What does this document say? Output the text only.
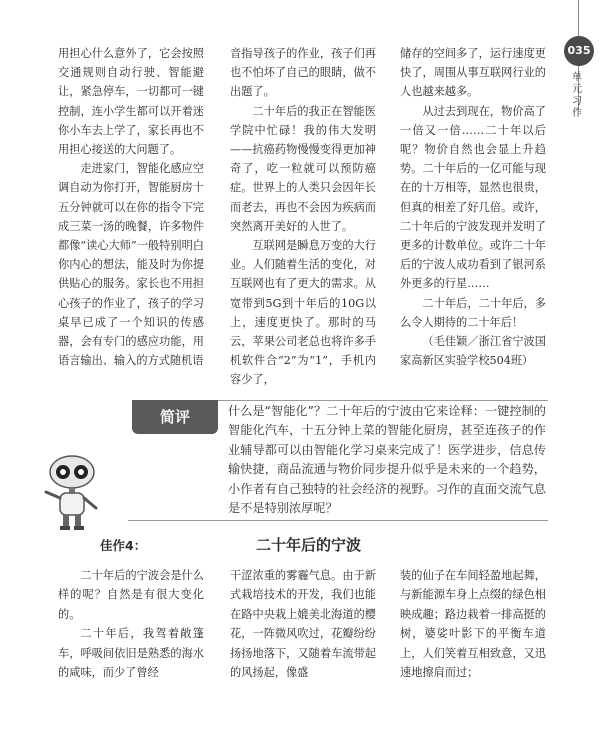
035
单元习作

用担心什么意外了，它会按照交通规则自动行驶、智能避让，紧急停车，一切都可一键控制，连小学生都可以开着迷你小车去上学了，家长再也不用担心接送的大问题了。

走进家门，智能化感应空调自动为你打开，智能厨房十五分钟就可以在你的指令下完成三菜一汤的晚餐，许多物件都像“读心大师”一般特别明白你内心的想法，能及时为你提供贴心的服务。家长也不用担心孩子的作业了，孩子的学习桌早已成了一个知识的传感器，会有专门的感应功能，用语言输出、输入的方式随机语

音指导孩子的作业，孩子们再也不怕坏了自己的眼睛，做不出题了。

二十年后的我正在智能医学院中忙碌！我的伟大发明——抗癌药物慢慢变得更加神奇了，吃一粒就可以预防癌症。世界上的人类只会因年长而老去，再也不会因为疾病而突然离开美好的人世了。

互联网是瞬息万变的大行业。人们随着生活的变化，对互联网也有了更大的需求。从宽带到5G到十年后的10G以上，速度更快了。那时的马云，苹果公司老总也将许多手机软件合“2”为“1”，手机内容少了，

储存的空间多了，运行速度更快了，周围从事互联网行业的人也越来越多。

从过去到现在，物价高了一倍又一倍……二十年以后呢？物价自然也会显上升趋势。二十年后的一亿可能与现在的十万相等，显然也很贵，但真的相差了好几倍。或许，二十年后的宁波发现并发明了更多的计数单位。或许二十年后的宁波人成功看到了银河系外更多的行星……

二十年后，二十年后，多么令人期待的二十年后！

（毛佳颖／浙江省宁波国家高新区实验学校504班）

简评	什么是“智能化”？二十年后的宁波由它来诠释：一键控制的智能化汽车，十五分钟上菜的智能化厨房，甚至连孩子的作业辅导都可以由智能化学习桌来完成了！医学进步，信息传输快捷，商品流通与物价同步提升似乎是未来的一个趋势，小作者有自己独特的社会经济的视野。习作的直面交流气息是不是特别浓厚呢？
佳作4：	二十年后的宁波

二十年后的宁波会是什么样的呢？自然是有很大变化的。

二十年后，我驾着敞篷车，呼吸间依旧是熟悉的海水的咸味，而少了曾经

干涩浓重的雾霾气息。由于新式栽培技术的开发，我们也能在路中央栽上媲美北海道的樱花，一阵微风吹过，花瓣纷纷扬扬地落下，又随着车流带起的风扬起，像盛

装的仙子在车间轻盈地起舞，与新能源车身上点缀的绿色相映成趣；路边栽着一排高挺的树，婆娑叶影下的平衡车道上，人们笑着互相致意，又迅速地擦肩而过；
